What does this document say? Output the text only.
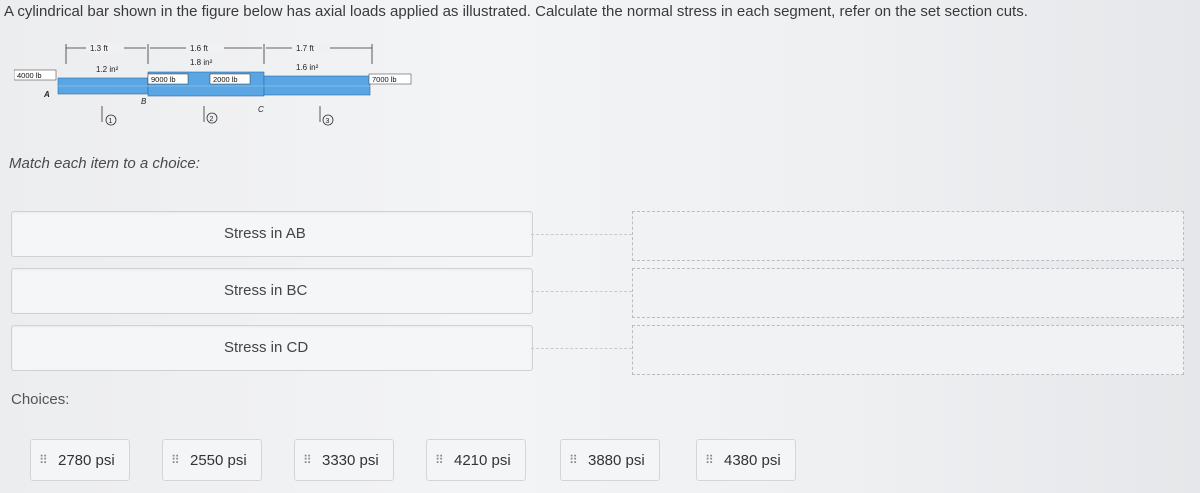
A cylindrical bar shown in the figure below has axial loads applied as illustrated. Calculate the normal stress in each segment, refer on the set section cuts.
1.3 ft	1.6 ft	1.7 ft
1.2 in²
1.8 in²
1.6 in²
4000 lb	9000 lb	2000 lb	7000 lb
A
B
C
1	2	3
Match each item to a choice:
Stress in AB
Stress in BC
Stress in CD
Choices:
⠿ 2780 psi	⠿ 2550 psi	⠿ 3330 psi	⠿ 4210 psi	⠿ 3880 psi	⠿ 4380 psi
